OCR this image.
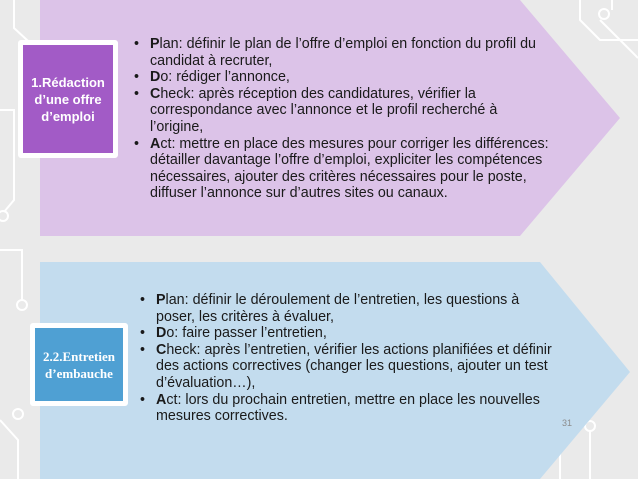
1.Rédaction
d’une offre
d’emploi
• Plan: définir le plan de l’offre d’emploi en fonction du profil du candidat à recruter,
• Do: rédiger l’annonce,
• Check: après réception des candidatures, vérifier la correspondance avec l’annonce et le profil recherché à l’origine,
• Act: mettre en place des mesures pour corriger les différences: détailler davantage l’offre d’emploi, expliciter les compétences nécessaires, ajouter des critères nécessaires pour le poste, diffuser l’annonce sur d’autres sites ou canaux.
2.2.Entretien
d’embauche
• Plan: définir le déroulement de l’entretien, les questions à poser, les critères à évaluer,
• Do: faire passer l’entretien,
• Check: après l’entretien, vérifier les actions planifiées et définir des actions correctives (changer les questions, ajouter un test d’évaluation…),
• Act: lors du prochain entretien, mettre en place les nouvelles mesures correctives.	31
